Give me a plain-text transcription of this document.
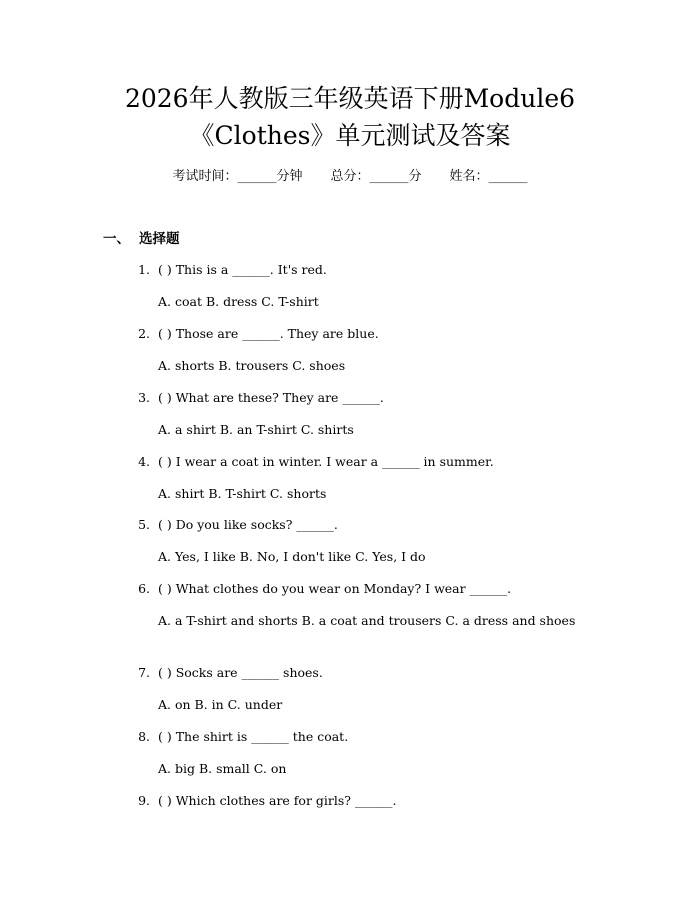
2026年人教版三年级英语下册Module6
《Clothes》单元测试及答案
考试时间：______分钟 总分：______分 姓名：______
一、 选择题
1. ( ) This is a ______. It's red.
A. coat B. dress C. T-shirt
2. ( ) Those are ______. They are blue.
A. shorts B. trousers C. shoes
3. ( ) What are these? They are ______.
A. a shirt B. an T-shirt C. shirts
4. ( ) I wear a coat in winter. I wear a ______ in summer.
A. shirt B. T-shirt C. shorts
5. ( ) Do you like socks? ______.
A. Yes, I like B. No, I don't like C. Yes, I do
6. ( ) What clothes do you wear on Monday? I wear ______.
A. a T-shirt and shorts B. a coat and trousers C. a dress and shoes
7. ( ) Socks are ______ shoes.
A. on B. in C. under
8. ( ) The shirt is ______ the coat.
A. big B. small C. on
9. ( ) Which clothes are for girls? ______.
